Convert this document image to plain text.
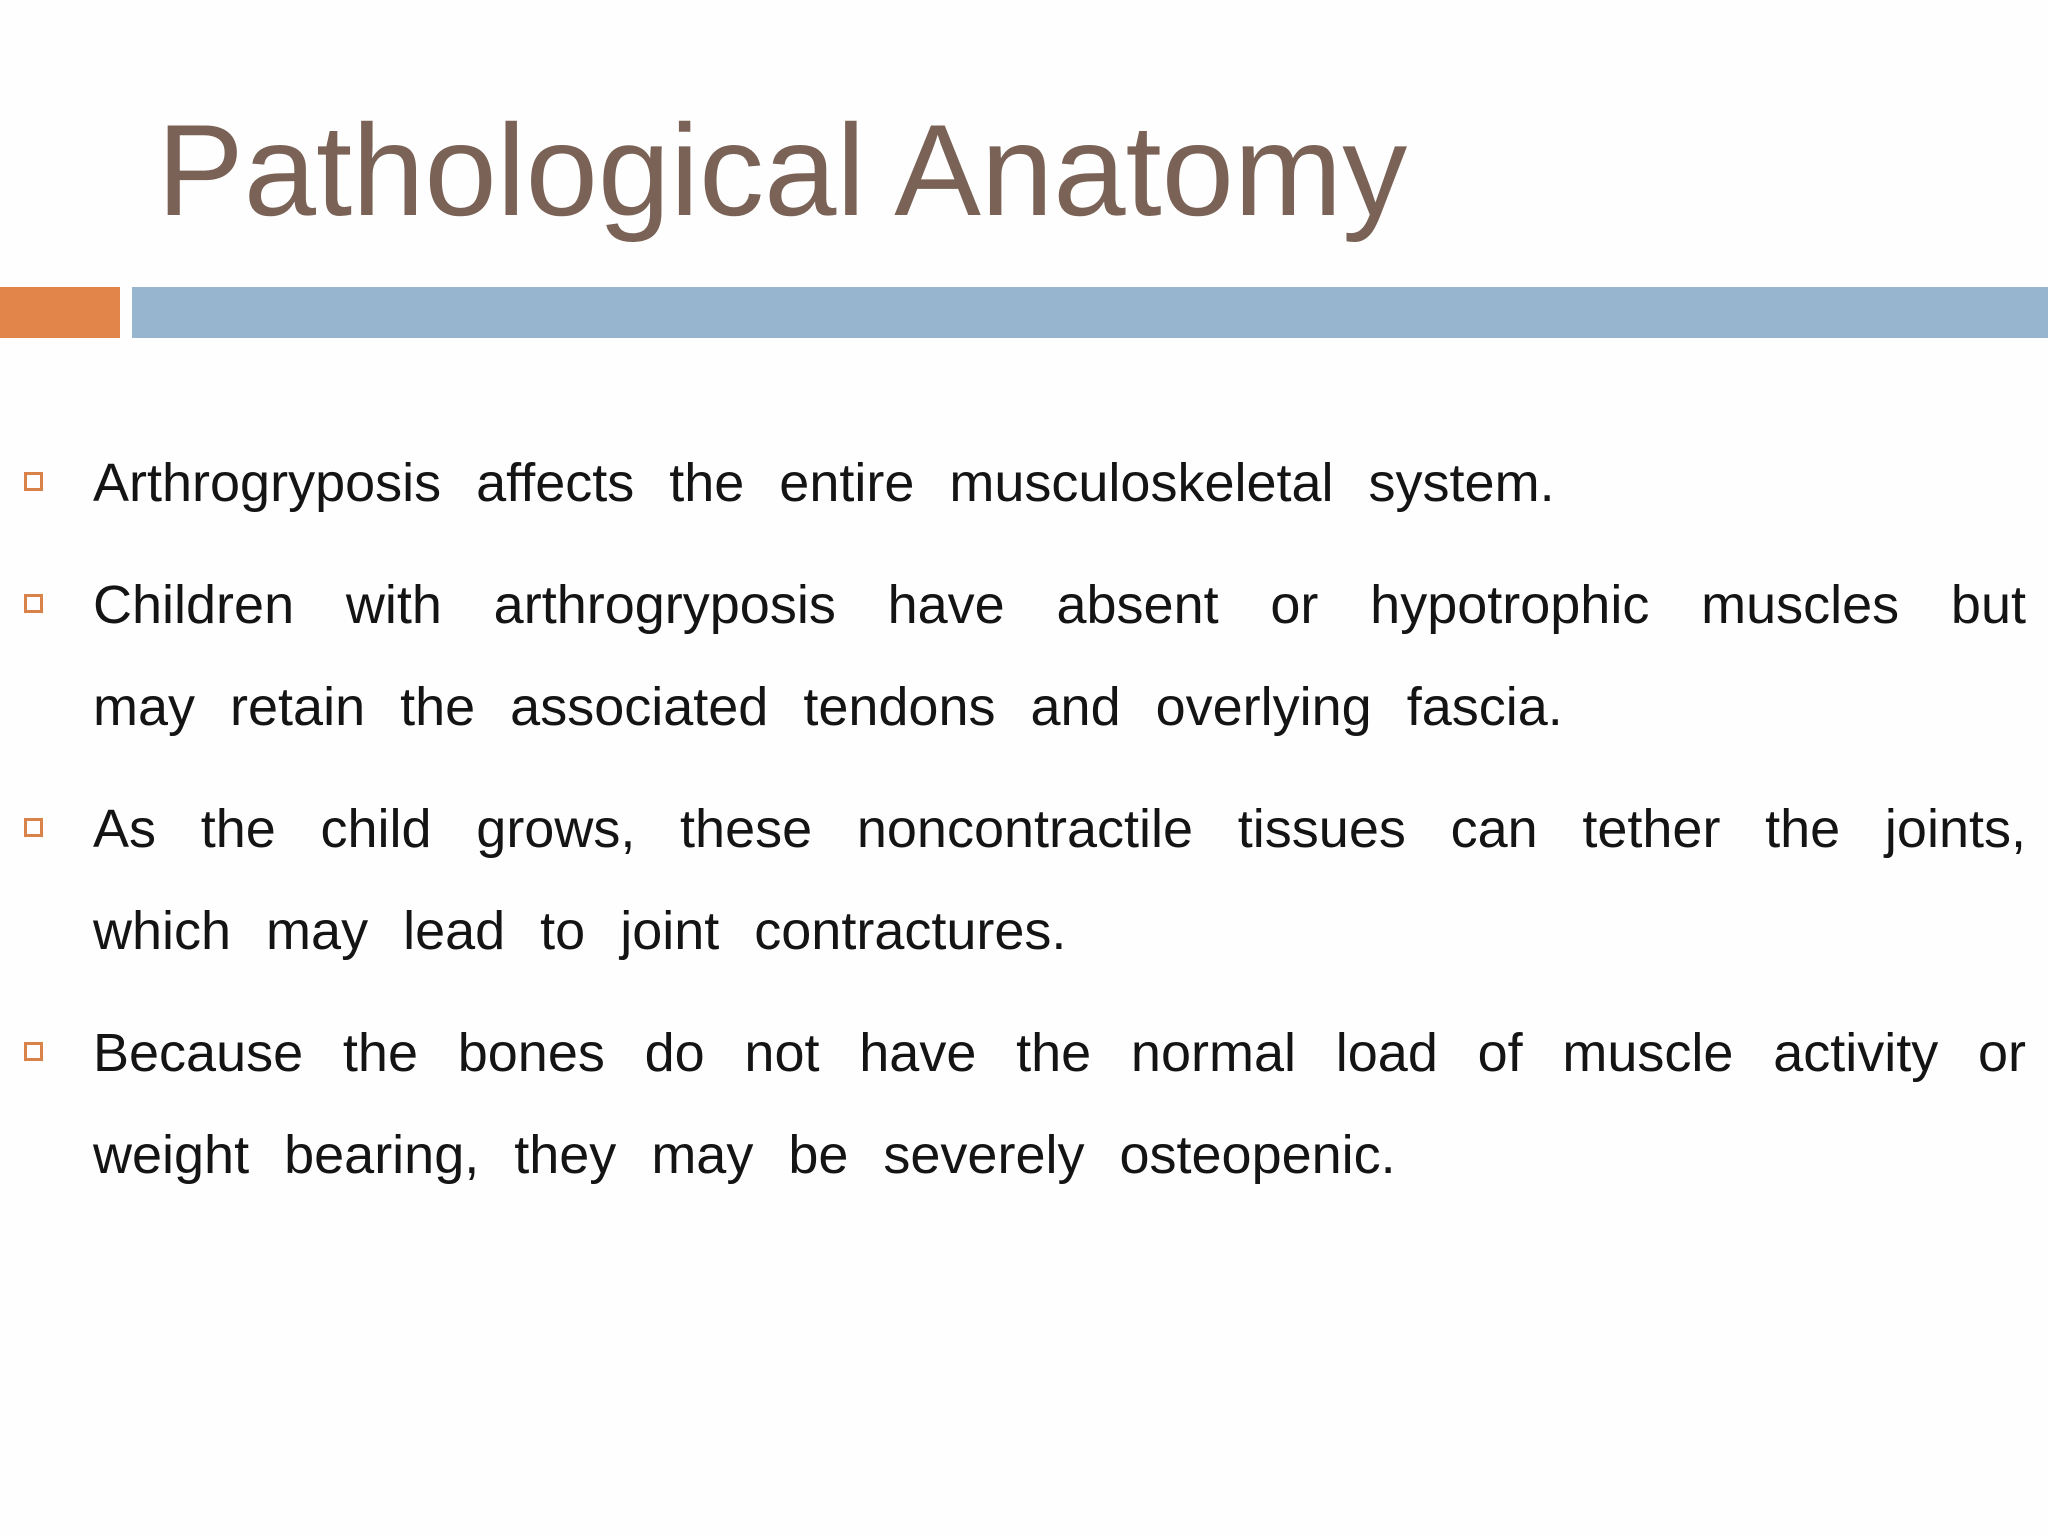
Pathological Anatomy
Arthrogryposis affects the entire musculoskeletal system.
Children with arthrogryposis have absent or hypotrophic muscles but may retain the associated tendons and overlying fascia.
As the child grows, these noncontractile tissues can tether the joints, which may lead to joint contractures.
Because the bones do not have the normal load of muscle activity or weight bearing, they may be severely osteopenic.
